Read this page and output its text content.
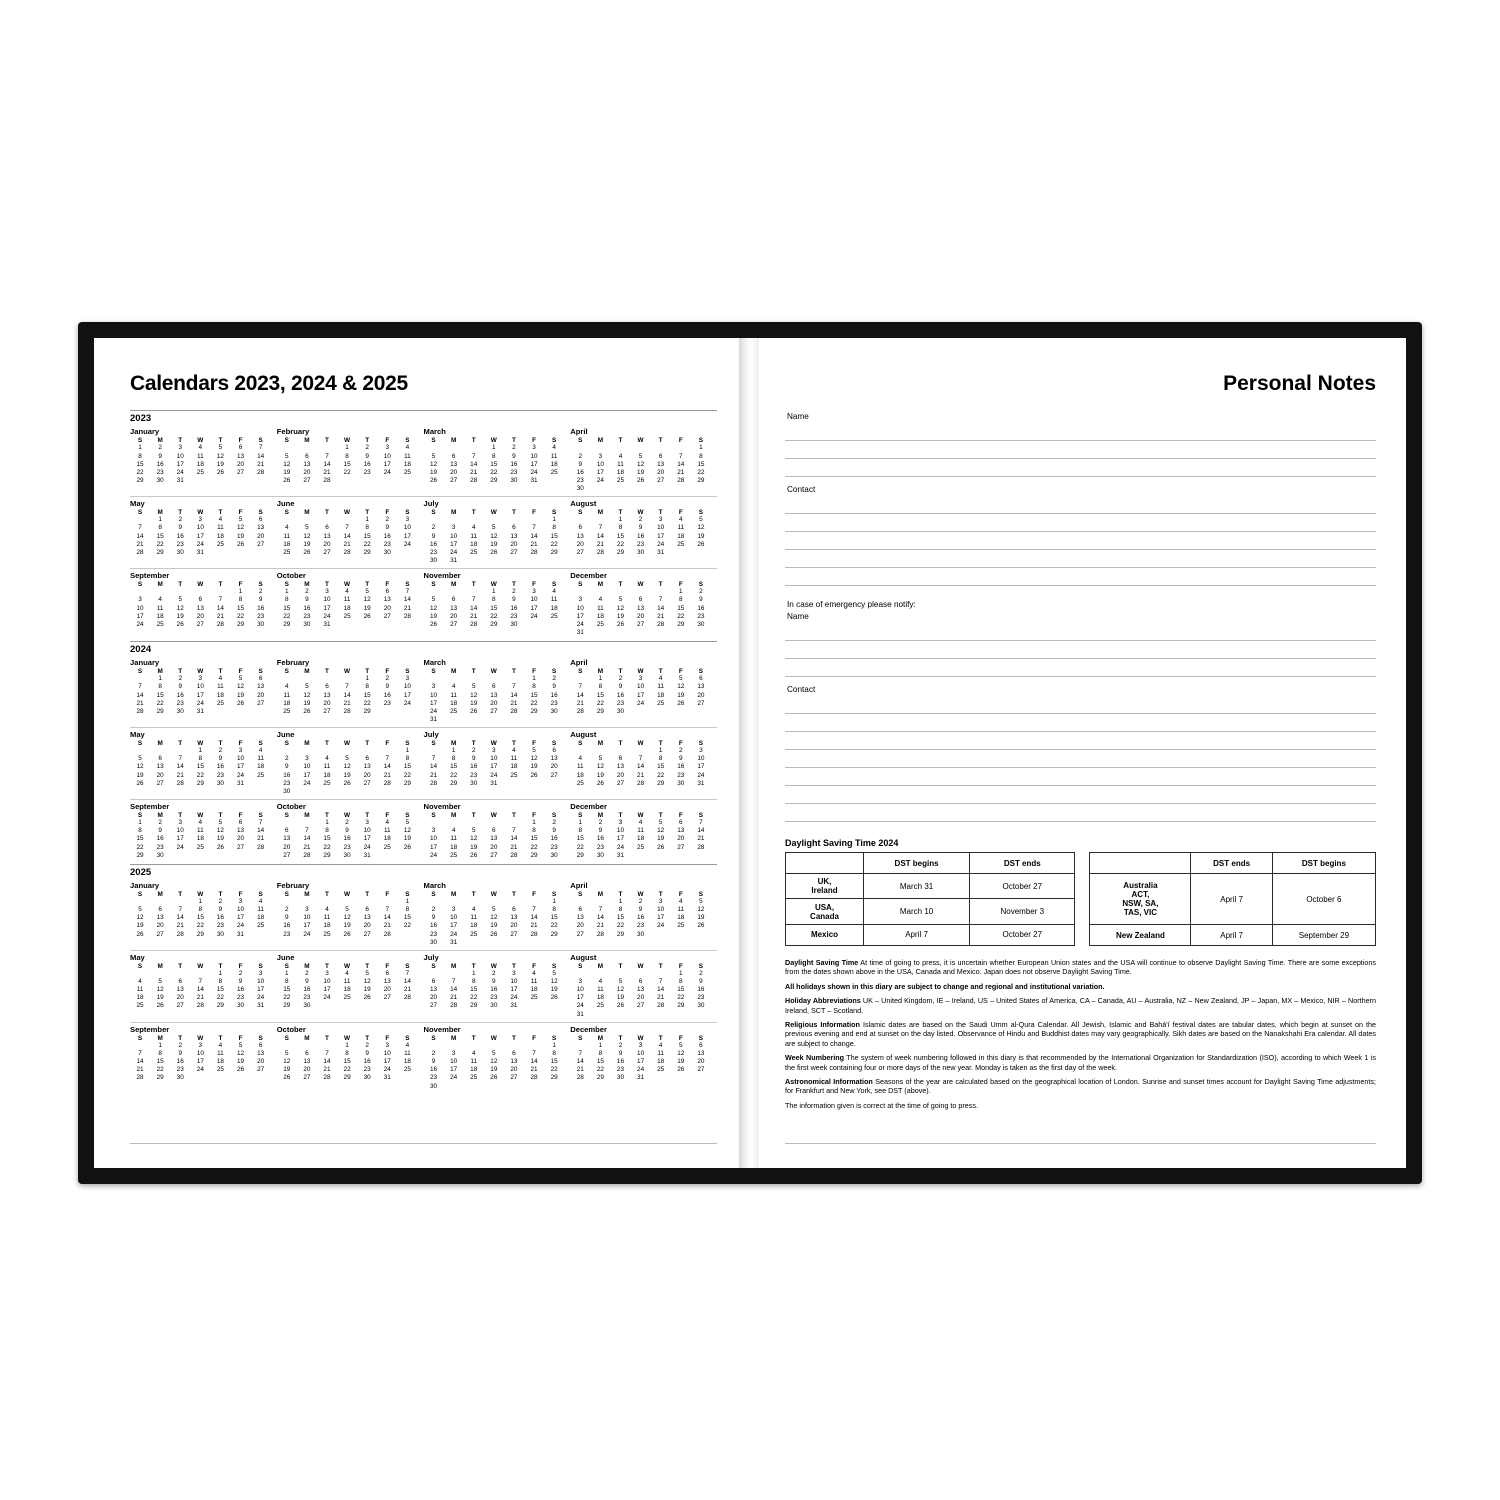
Calendars 2023, 2024 & 2025
2023
January
S	M	T	W	T	F	S
1	2	3	4	5	6	7
8	9	10	11	12	13	14
15	16	17	18	19	20	21
22	23	24	25	26	27	28
29	30	31				
February
S	M	T	W	T	F	S
			1	2	3	4
5	6	7	8	9	10	11
12	13	14	15	16	17	18
19	20	21	22	23	24	25
26	27	28				
March
S	M	T	W	T	F	S
			1	2	3	4
5	6	7	8	9	10	11
12	13	14	15	16	17	18
19	20	21	22	23	24	25
26	27	28	29	30	31	
April
S	M	T	W	T	F	S
						1
2	3	4	5	6	7	8
9	10	11	12	13	14	15
16	17	18	19	20	21	22
23	24	25	26	27	28	29
30						
May
S	M	T	W	T	F	S
	1	2	3	4	5	6
7	8	9	10	11	12	13
14	15	16	17	18	19	20
21	22	23	24	25	26	27
28	29	30	31			
June
S	M	T	W	T	F	S
				1	2	3
4	5	6	7	8	9	10
11	12	13	14	15	16	17
18	19	20	21	22	23	24
25	26	27	28	29	30	
July
S	M	T	W	T	F	S
						1
2	3	4	5	6	7	8
9	10	11	12	13	14	15
16	17	18	19	20	21	22
23	24	25	26	27	28	29
30	31					
August
S	M	T	W	T	F	S
		1	2	3	4	5
6	7	8	9	10	11	12
13	14	15	16	17	18	19
20	21	22	23	24	25	26
27	28	29	30	31		
September
S	M	T	W	T	F	S
					1	2
3	4	5	6	7	8	9
10	11	12	13	14	15	16
17	18	19	20	21	22	23
24	25	26	27	28	29	30
October
S	M	T	W	T	F	S
1	2	3	4	5	6	7
8	9	10	11	12	13	14
15	16	17	18	19	20	21
22	23	24	25	26	27	28
29	30	31				
November
S	M	T	W	T	F	S
			1	2	3	4
5	6	7	8	9	10	11
12	13	14	15	16	17	18
19	20	21	22	23	24	25
26	27	28	29	30		
December
S	M	T	W	T	F	S
					1	2
3	4	5	6	7	8	9
10	11	12	13	14	15	16
17	18	19	20	21	22	23
24	25	26	27	28	29	30
31						
2024
January
S	M	T	W	T	F	S
	1	2	3	4	5	6
7	8	9	10	11	12	13
14	15	16	17	18	19	20
21	22	23	24	25	26	27
28	29	30	31			
February
S	M	T	W	T	F	S
				1	2	3
4	5	6	7	8	9	10
11	12	13	14	15	16	17
18	19	20	21	22	23	24
25	26	27	28	29		
March
S	M	T	W	T	F	S
					1	2
3	4	5	6	7	8	9
10	11	12	13	14	15	16
17	18	19	20	21	22	23
24	25	26	27	28	29	30
31						
April
S	M	T	W	T	F	S
	1	2	3	4	5	6
7	8	9	10	11	12	13
14	15	16	17	18	19	20
21	22	23	24	25	26	27
28	29	30				
May
S	M	T	W	T	F	S
			1	2	3	4
5	6	7	8	9	10	11
12	13	14	15	16	17	18
19	20	21	22	23	24	25
26	27	28	29	30	31	
June
S	M	T	W	T	F	S
						1
2	3	4	5	6	7	8
9	10	11	12	13	14	15
16	17	18	19	20	21	22
23	24	25	26	27	28	29
30						
July
S	M	T	W	T	F	S
	1	2	3	4	5	6
7	8	9	10	11	12	13
14	15	16	17	18	19	20
21	22	23	24	25	26	27
28	29	30	31			
August
S	M	T	W	T	F	S
				1	2	3
4	5	6	7	8	9	10
11	12	13	14	15	16	17
18	19	20	21	22	23	24
25	26	27	28	29	30	31
September
S	M	T	W	T	F	S
1	2	3	4	5	6	7
8	9	10	11	12	13	14
15	16	17	18	19	20	21
22	23	24	25	26	27	28
29	30					
October
S	M	T	W	T	F	S
		1	2	3	4	5
6	7	8	9	10	11	12
13	14	15	16	17	18	19
20	21	22	23	24	25	26
27	28	29	30	31		
November
S	M	T	W	T	F	S
					1	2
3	4	5	6	7	8	9
10	11	12	13	14	15	16
17	18	19	20	21	22	23
24	25	26	27	28	29	30
December
S	M	T	W	T	F	S
1	2	3	4	5	6	7
8	9	10	11	12	13	14
15	16	17	18	19	20	21
22	23	24	25	26	27	28
29	30	31				
2025
January
S	M	T	W	T	F	S
			1	2	3	4
5	6	7	8	9	10	11
12	13	14	15	16	17	18
19	20	21	22	23	24	25
26	27	28	29	30	31	
February
S	M	T	W	T	F	S
						1
2	3	4	5	6	7	8
9	10	11	12	13	14	15
16	17	18	19	20	21	22
23	24	25	26	27	28	
March
S	M	T	W	T	F	S
						1
2	3	4	5	6	7	8
9	10	11	12	13	14	15
16	17	18	19	20	21	22
23	24	25	26	27	28	29
30	31					
April
S	M	T	W	T	F	S
		1	2	3	4	5
6	7	8	9	10	11	12
13	14	15	16	17	18	19
20	21	22	23	24	25	26
27	28	29	30			
May
S	M	T	W	T	F	S
				1	2	3
4	5	6	7	8	9	10
11	12	13	14	15	16	17
18	19	20	21	22	23	24
25	26	27	28	29	30	31
June
S	M	T	W	T	F	S
1	2	3	4	5	6	7
8	9	10	11	12	13	14
15	16	17	18	19	20	21
22	23	24	25	26	27	28
29	30					
July
S	M	T	W	T	F	S
		1	2	3	4	5
6	7	8	9	10	11	12
13	14	15	16	17	18	19
20	21	22	23	24	25	26
27	28	29	30	31		
August
S	M	T	W	T	F	S
					1	2
3	4	5	6	7	8	9
10	11	12	13	14	15	16
17	18	19	20	21	22	23
24	25	26	27	28	29	30
31						
September
S	M	T	W	T	F	S
	1	2	3	4	5	6
7	8	9	10	11	12	13
14	15	16	17	18	19	20
21	22	23	24	25	26	27
28	29	30				
October
S	M	T	W	T	F	S
			1	2	3	4
5	6	7	8	9	10	11
12	13	14	15	16	17	18
19	20	21	22	23	24	25
26	27	28	29	30	31	
November
S	M	T	W	T	F	S
						1
2	3	4	5	6	7	8
9	10	11	12	13	14	15
16	17	18	19	20	21	22
23	24	25	26	27	28	29
30						
December
S	M	T	W	T	F	S
	1	2	3	4	5	6
7	8	9	10	11	12	13
14	15	16	17	18	19	20
21	22	23	24	25	26	27
28	29	30	31			
Personal Notes
Name
Contact
In case of emergency please notify:
Name
Contact
Daylight Saving Time 2024
	DST begins	DST ends
UK,
Ireland	March 31	October 27
USA,
Canada	March 10	November 3
Mexico	April 7	October 27
	DST ends	DST begins
Australia
ACT,
NSW, SA,
TAS, VIC	April 7	October 6
New Zealand	April 7	September 29

Daylight Saving Time At time of going to press, it is uncertain whether European Union states and the USA will continue to observe Daylight Saving Time. There are some exceptions from the dates shown above in the USA, Canada and Mexico. Japan does not observe Daylight Saving Time.

All holidays shown in this diary are subject to change and regional and institutional variation.

Holiday Abbreviations UK – United Kingdom, IE – Ireland, US – United States of America, CA – Canada, AU – Australia, NZ – New Zealand, JP – Japan, MX – Mexico, NIR – Northern Ireland, SCT – Scotland.

Religious Information Islamic dates are based on the Saudi Umm al-Qura Calendar. All Jewish, Islamic and Bahá'í festival dates are tabular dates, which begin at sunset on the previous evening and end at sunset on the day listed. Observance of Hindu and Buddhist dates may vary geographically. Sikh dates are based on the Nanakshahi Era calendar. All dates are subject to change.

Week Numbering The system of week numbering followed in this diary is that recommended by the International Organization for Standardization (ISO), according to which Week 1 is the first week containing four or more days of the new year. Monday is taken as the first day of the week.

Astronomical Information Seasons of the year are calculated based on the geographical location of London. Sunrise and sunset times account for Daylight Saving Time adjustments; for Frankfurt and New York, see DST (above).

The information given is correct at the time of going to press.
